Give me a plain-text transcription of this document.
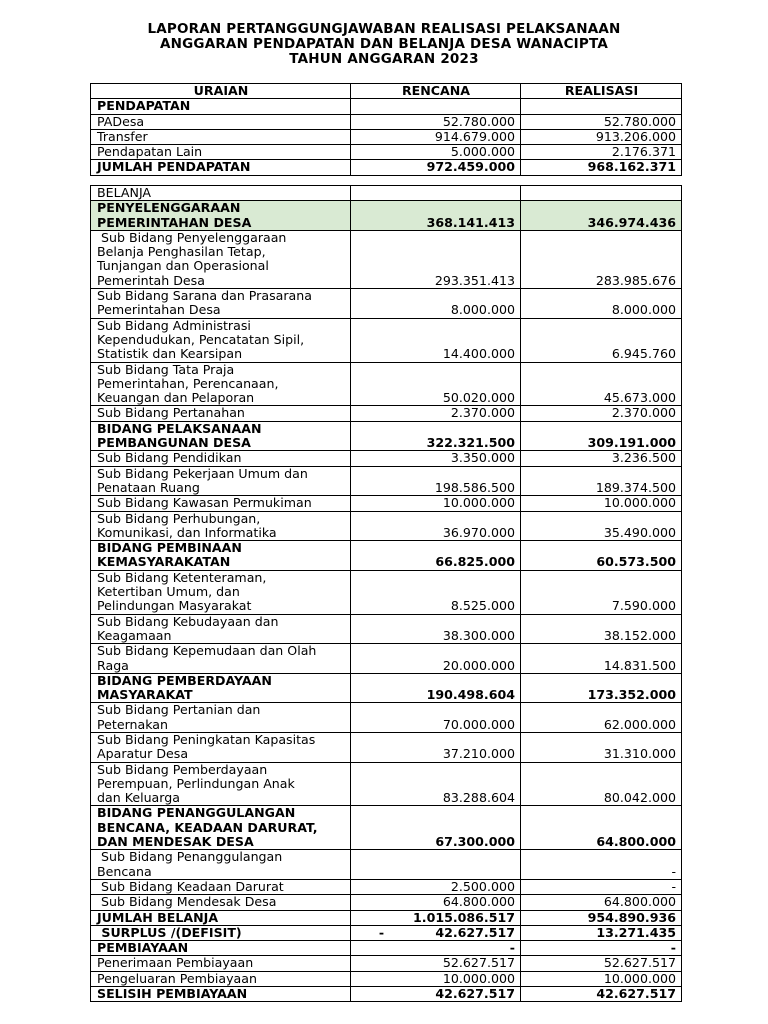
LAPORAN PERTANGGUNGJAWABAN REALISASI PELAKSANAAN
ANGGARAN PENDAPATAN DAN BELANJA DESA WANACIPTA
TAHUN ANGGARAN 2023
URAIAN	RENCANA	REALISASI
PENDAPATAN		
PADesa	52.780.000	52.780.000
Transfer	914.679.000	913.206.000
Pendapatan Lain	5.000.000	2.176.371
JUMLAH PENDAPATAN	972.459.000	968.162.371
BELANJA		
PENYELENGGARAAN
PEMERINTAHAN DESA	368.141.413	346.974.436
Sub Bidang Penyelenggaraan
Belanja Penghasilan Tetap,
Tunjangan dan Operasional
Pemerintah Desa	293.351.413	283.985.676
Sub Bidang Sarana dan Prasarana
Pemerintahan Desa	8.000.000	8.000.000
Sub Bidang Administrasi
Kependudukan, Pencatatan Sipil,
Statistik dan Kearsipan	14.400.000	6.945.760
Sub Bidang Tata Praja
Pemerintahan, Perencanaan,
Keuangan dan Pelaporan	50.020.000	45.673.000
Sub Bidang Pertanahan	2.370.000	2.370.000
BIDANG PELAKSANAAN
PEMBANGUNAN DESA	322.321.500	309.191.000
Sub Bidang Pendidikan	3.350.000	3.236.500
Sub Bidang Pekerjaan Umum dan
Penataan Ruang	198.586.500	189.374.500
Sub Bidang Kawasan Permukiman	10.000.000	10.000.000
Sub Bidang Perhubungan,
Komunikasi, dan Informatika	36.970.000	35.490.000
BIDANG PEMBINAAN
KEMASYARAKATAN	66.825.000	60.573.500
Sub Bidang Ketenteraman,
Ketertiban Umum, dan
Pelindungan Masyarakat	8.525.000	7.590.000
Sub Bidang Kebudayaan dan
Keagamaan	38.300.000	38.152.000
Sub Bidang Kepemudaan dan Olah
Raga	20.000.000	14.831.500
BIDANG PEMBERDAYAAN
MASYARAKAT	190.498.604	173.352.000
Sub Bidang Pertanian dan
Peternakan	70.000.000	62.000.000
Sub Bidang Peningkatan Kapasitas
Aparatur Desa	37.210.000	31.310.000
Sub Bidang Pemberdayaan
Perempuan, Perlindungan Anak
dan Keluarga	83.288.604	80.042.000
BIDANG PENANGGULANGAN
BENCANA, KEADAAN DARURAT,
DAN MENDESAK DESA	67.300.000	64.800.000
Sub Bidang Penanggulangan
Bencana		-
Sub Bidang Keadaan Darurat	2.500.000	-
Sub Bidang Mendesak Desa	64.800.000	64.800.000
JUMLAH BELANJA	1.015.086.517	954.890.936
SURPLUS /(DEFISIT)	- 42.627.517	13.271.435
PEMBIAYAAN	-	-
Penerimaan Pembiayaan	52.627.517	52.627.517
Pengeluaran Pembiayaan	10.000.000	10.000.000
SELISIH PEMBIAYAAN	42.627.517	42.627.517
